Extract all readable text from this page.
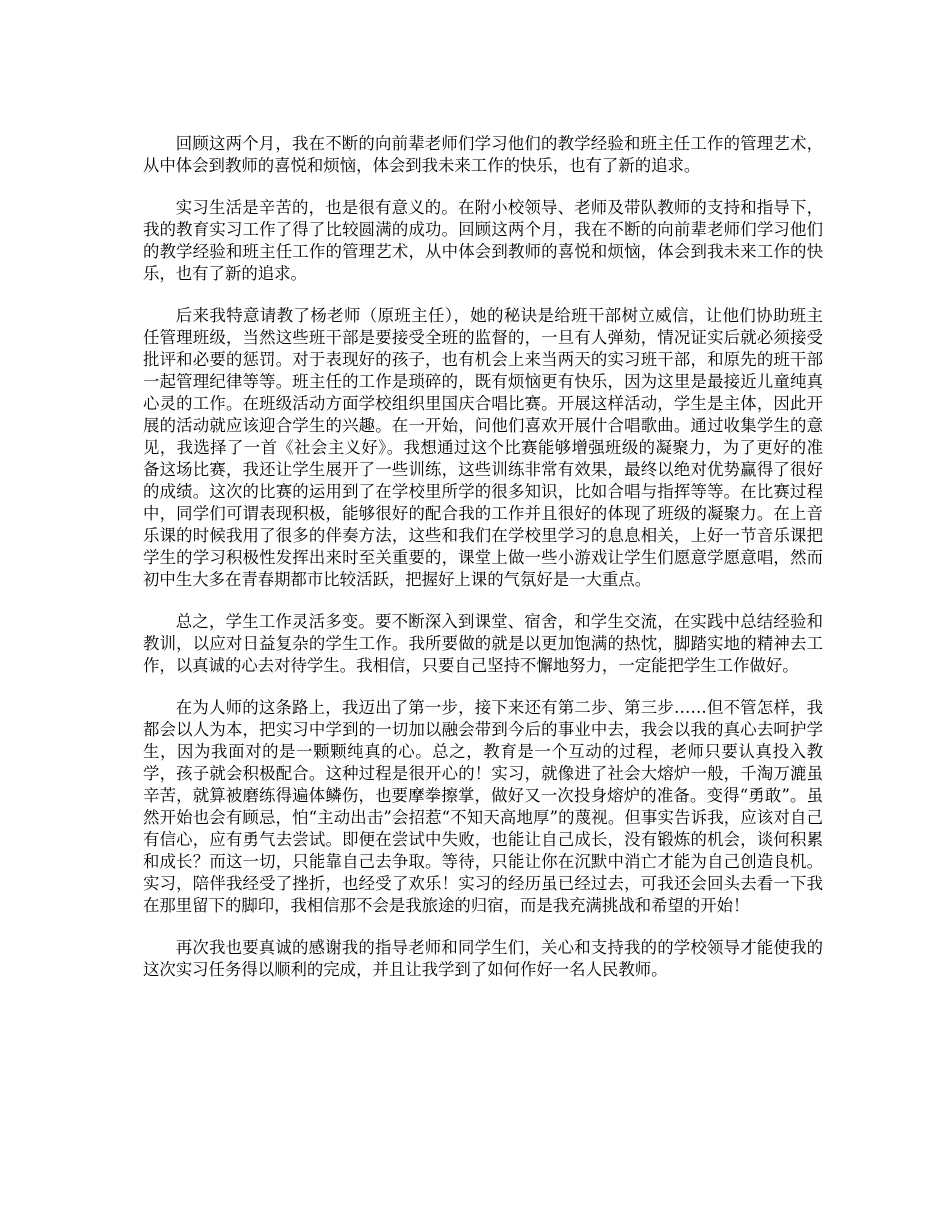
回顾这两个月，我在不断的向前辈老师们学习他们的教学经验和班主任工作的管理艺术，从中体会到教师的喜悦和烦恼，体会到我未来工作的快乐，也有了新的追求。

实习生活是辛苦的，也是很有意义的。在附小校领导、老师及带队教师的支持和指导下，我的教育实习工作了得了比较圆满的成功。回顾这两个月，我在不断的向前辈老师们学习他们的教学经验和班主任工作的管理艺术，从中体会到教师的喜悦和烦恼，体会到我未来工作的快乐，也有了新的追求。

后来我特意请教了杨老师（原班主任），她的秘诀是给班干部树立威信，让他们协助班主任管理班级，当然这些班干部是要接受全班的监督的，一旦有人弹劾，情况证实后就必须接受批评和必要的惩罚。对于表现好的孩子，也有机会上来当两天的实习班干部，和原先的班干部一起管理纪律等等。班主任的工作是琐碎的，既有烦恼更有快乐，因为这里是最接近儿童纯真心灵的工作。在班级活动方面学校组织里国庆合唱比赛。开展这样活动，学生是主体，因此开展的活动就应该迎合学生的兴趣。在一开始，问他们喜欢开展什合唱歌曲。通过收集学生的意见，我选择了一首《社会主义好》。我想通过这个比赛能够增强班级的凝聚力，为了更好的准备这场比赛，我还让学生展开了一些训练，这些训练非常有效果，最终以绝对优势赢得了很好的成绩。这次的比赛的运用到了在学校里所学的很多知识，比如合唱与指挥等等。在比赛过程中，同学们可谓表现积极，能够很好的配合我的工作并且很好的体现了班级的凝聚力。在上音乐课的时候我用了很多的伴奏方法，这些和我们在学校里学习的息息相关，上好一节音乐课把学生的学习积极性发挥出来时至关重要的，课堂上做一些小游戏让学生们愿意学愿意唱，然而初中生大多在青春期都市比较活跃，把握好上课的气氛好是一大重点。

总之，学生工作灵活多变。要不断深入到课堂、宿舍，和学生交流，在实践中总结经验和教训，以应对日益复杂的学生工作。我所要做的就是以更加饱满的热忱，脚踏实地的精神去工作，以真诚的心去对待学生。我相信，只要自己坚持不懈地努力，一定能把学生工作做好。

在为人师的这条路上，我迈出了第一步，接下来还有第二步、第三步……但不管怎样，我都会以人为本，把实习中学到的一切加以融会带到今后的事业中去，我会以我的真心去呵护学生，因为我面对的是一颗颗纯真的心。总之，教育是一个互动的过程，老师只要认真投入教学，孩子就会积极配合。这种过程是很开心的！实习，就像进了社会大熔炉一般，千淘万漉虽辛苦，就算被磨练得遍体鳞伤，也要摩拳擦掌，做好又一次投身熔炉的准备。变得“勇敢”。虽然开始也会有顾忌，怕“主动出击”会招惹“不知天高地厚”的蔑视。但事实告诉我，应该对自己有信心，应有勇气去尝试。即便在尝试中失败，也能让自己成长，没有锻炼的机会，谈何积累和成长？而这一切，只能靠自己去争取。等待，只能让你在沉默中消亡才能为自己创造良机。实习，陪伴我经受了挫折，也经受了欢乐！实习的经历虽已经过去，可我还会回头去看一下我在那里留下的脚印，我相信那不会是我旅途的归宿，而是我充满挑战和希望的开始！

再次我也要真诚的感谢我的指导老师和同学生们，关心和支持我的的学校领导才能使我的这次实习任务得以顺利的完成，并且让我学到了如何作好一名人民教师。
